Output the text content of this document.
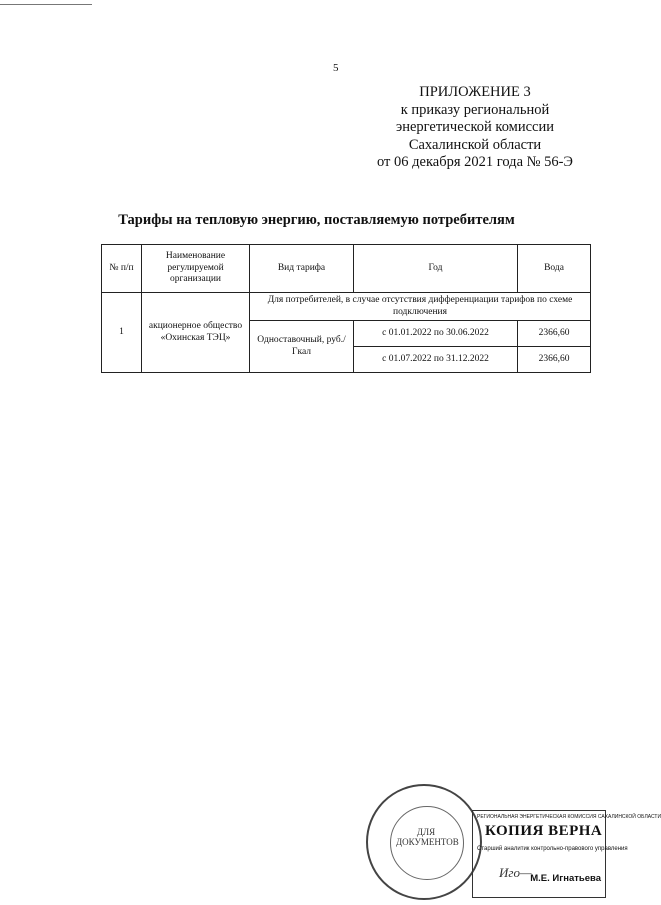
5
ПРИЛОЖЕНИЕ 3
к приказу региональной
энергетической комиссии
Сахалинской области
от 06 декабря 2021 года № 56-Э
Тарифы на тепловую энергию, поставляемую потребителям
№ п/п	Наименование регулируемой организации	Вид тарифа	Год	Вода
1	акционерное общество «Охинская ТЭЦ»	Для потребителей, в случае отсутствия дифференциации тарифов по схеме подключения		
		Одноставочный, руб./Гкал	с 01.01.2022 по 30.06.2022	2366,60
			с 01.07.2022 по 31.12.2022	2366,60
ДЛЯ ДОКУМЕНТОВ
РЕГИОНАЛЬНАЯ ЭНЕРГЕТИЧЕСКАЯ КОМИССИЯ САХАЛИНСКОЙ ОБЛАСТИ
КОПИЯ ВЕРНА
Старший аналитик контрольно-правового управления
Иго—
М.Е. Игнатьева
